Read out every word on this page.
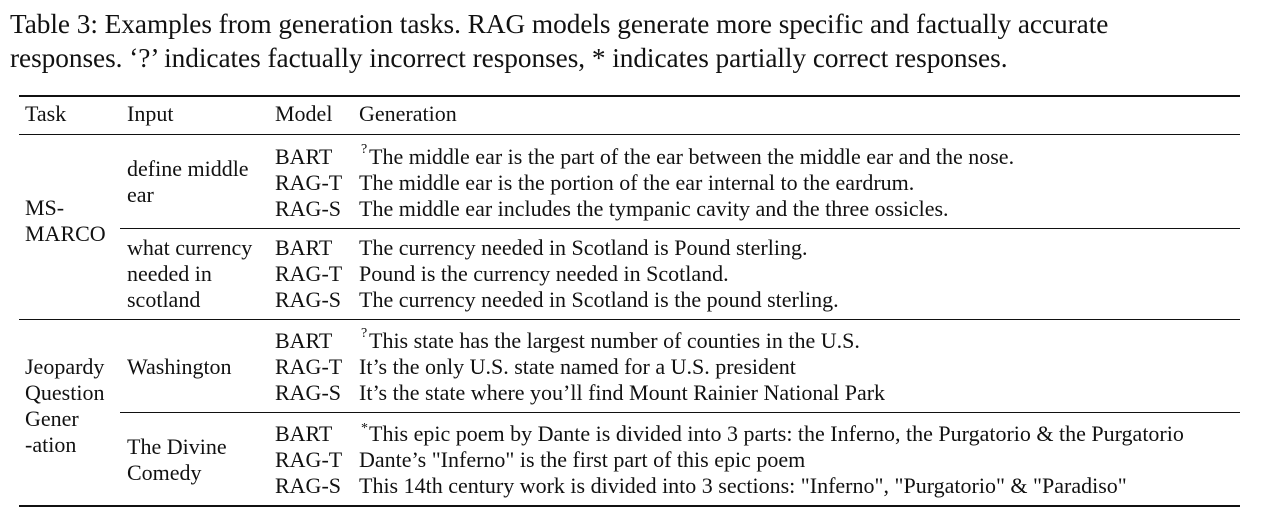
Table 3: Examples from generation tasks. RAG models generate more specific and factually accurate
responses. ‘?’ indicates factually incorrect responses, * indicates partially correct responses.
Task	Input	Model Generation
MS-
MARCO
define middle
ear
BART ? The middle ear is the part of the ear between the middle ear and the nose.
RAG-T The middle ear is the portion of the ear internal to the eardrum.
RAG-S The middle ear includes the tympanic cavity and the three ossicles.
what currency
needed in
scotland
BART The currency needed in Scotland is Pound sterling.
RAG-T Pound is the currency needed in Scotland.
RAG-S The currency needed in Scotland is the pound sterling.
Jeopardy
Question
Gener
-ation
Washington
BART ? This state has the largest number of counties in the U.S.
RAG-T It’s the only U.S. state named for a U.S. president
RAG-S It’s the state where you’ll find Mount Rainier National Park
The Divine
Comedy
BART * This epic poem by Dante is divided into 3 parts: the Inferno, the Purgatorio & the Purgatorio
RAG-T Dante’s "Inferno" is the first part of this epic poem
RAG-S This 14th century work is divided into 3 sections: "Inferno", "Purgatorio" & "Paradiso"
